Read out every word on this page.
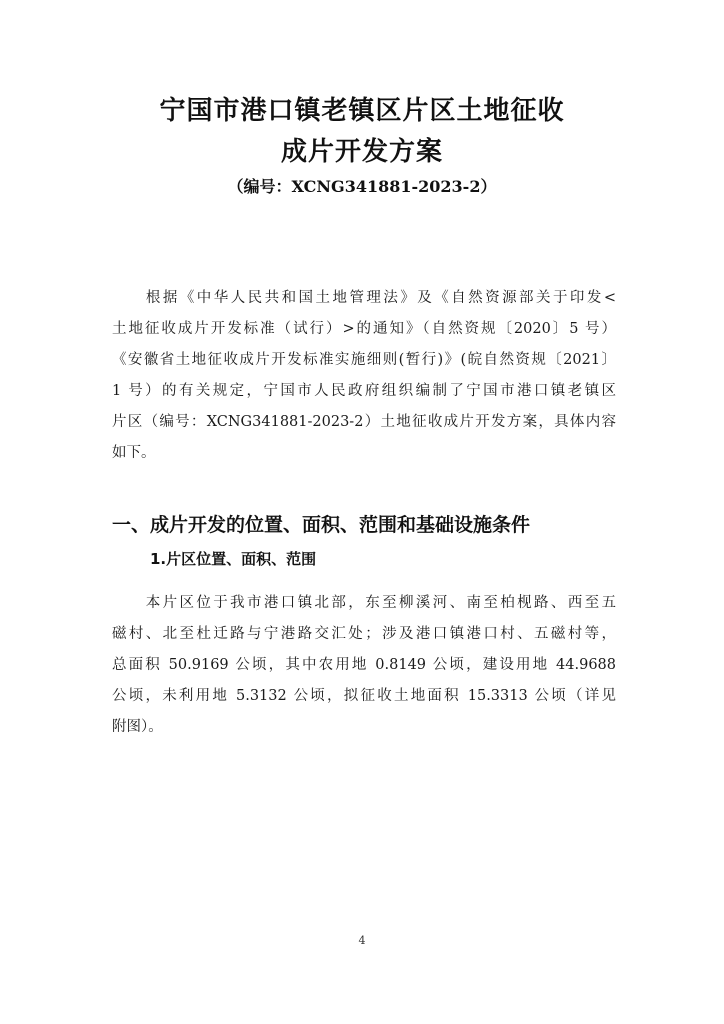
宁国市港口镇老镇区片区土地征收
成片开发方案
（编号：XCNG341881-2023-2）
　　根据《中华人民共和国土地管理法》及《自然资源部关于印发<
土地征收成片开发标准（试行）>的通知》（自然资规〔2020〕5 号）
《安徽省土地征收成片开发标准实施细则(暂行)》(皖自然资规〔2021〕
1 号）的有关规定，宁国市人民政府组织编制了宁国市港口镇老镇区
片区（编号：XCNG341881-2023-2）土地征收成片开发方案，具体内容
如下。
一、成片开发的位置、面积、范围和基础设施条件
1.片区位置、面积、范围
　　本片区位于我市港口镇北部，东至柳溪河、南至柏枧路、西至五
磁村、北至杜迁路与宁港路交汇处；涉及港口镇港口村、五磁村等，
总面积 50.9169 公顷，其中农用地 0.8149 公顷，建设用地 44.9688
公顷，未利用地 5.3132 公顷，拟征收土地面积 15.3313 公顷（详见
附图）。
4
